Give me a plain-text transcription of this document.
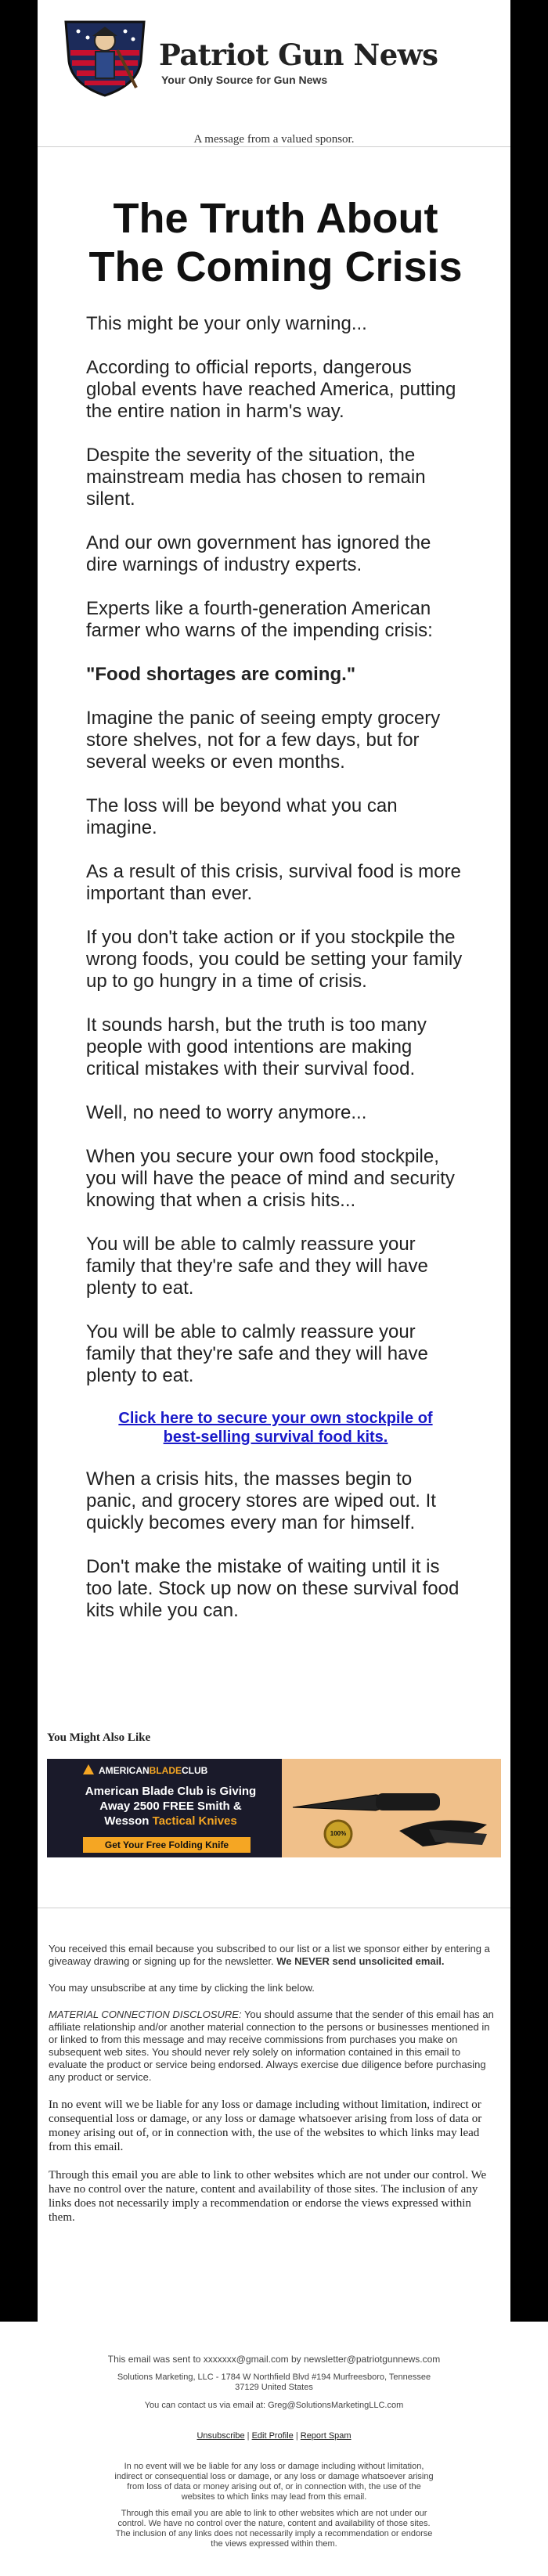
Patriot Gun News
Your Only Source for Gun News
A message from a valued sponsor.
The Truth About The Coming Crisis

This might be your only warning...

According to official reports, dangerous global events have reached America, putting the entire nation in harm's way.

Despite the severity of the situation, the mainstream media has chosen to remain silent.

And our own government has ignored the dire warnings of industry experts.

Experts like a fourth-generation American farmer who warns of the impending crisis:

"Food shortages are coming."

Imagine the panic of seeing empty grocery store shelves, not for a few days, but for several weeks or even months.

The loss will be beyond what you can imagine.

As a result of this crisis, survival food is more important than ever.

If you don't take action or if you stockpile the wrong foods, you could be setting your family up to go hungry in a time of crisis.

It sounds harsh, but the truth is too many people with good intentions are making critical mistakes with their survival food.

Well, no need to worry anymore...

When you secure your own food stockpile, you will have the peace of mind and security knowing that when a crisis hits...

You will be able to calmly reassure your family that they're safe and they will have plenty to eat.

You will be able to calmly reassure your family that they're safe and they will have plenty to eat.

Click here to secure your own stockpile of best-selling survival food kits.

When a crisis hits, the masses begin to panic, and grocery stores are wiped out. It quickly becomes every man for himself.

Don't make the mistake of waiting until it is too late. Stock up now on these survival food kits while you can.

You Might Also Like
AMERICANBLADECLUB
American Blade Club is Giving
Away 2500 FREE Smith &
Wesson Tactical Knives
Get Your Free Folding Knife
100%

You received this email because you subscribed to our list or a list we sponsor either by entering a giveaway drawing or signing up for the newsletter. We NEVER send unsolicited email.

You may unsubscribe at any time by clicking the link below.

MATERIAL CONNECTION DISCLOSURE: You should assume that the sender of this email has an affiliate relationship and/or another material connection to the persons or businesses mentioned in or linked to from this message and may receive commissions from purchases you make on subsequent web sites. You should never rely solely on information contained in this email to evaluate the product or service being endorsed. Always exercise due diligence before purchasing any product or service.

In no event will we be liable for any loss or damage including without limitation, indirect or consequential loss or damage, or any loss or damage whatsoever arising from loss of data or money arising out of, or in connection with, the use of the websites to which links may lead from this email.

Through this email you are able to link to other websites which are not under our control. We have no control over the nature, content and availability of those sites. The inclusion of any links does not necessarily imply a recommendation or endorse the views expressed within them.

This email was sent to xxxxxxx@gmail.com by newsletter@patriotgunnews.com

Solutions Marketing, LLC - 1784 W Northfield Blvd #194 Murfreesboro, Tennessee

37129 United States

You can contact us via email at: Greg@SolutionsMarketingLLC.com

Unsubscribe | Edit Profile | Report Spam

In no event will we be liable for any loss or damage including without limitation, indirect or consequential loss or damage, or any loss or damage whatsoever arising from loss of data or money arising out of, or in connection with, the use of the websites to which links may lead from this email.

Through this email you are able to link to other websites which are not under our control. We have no control over the nature, content and availability of those sites. The inclusion of any links does not necessarily imply a recommendation or endorse the views expressed within them.
